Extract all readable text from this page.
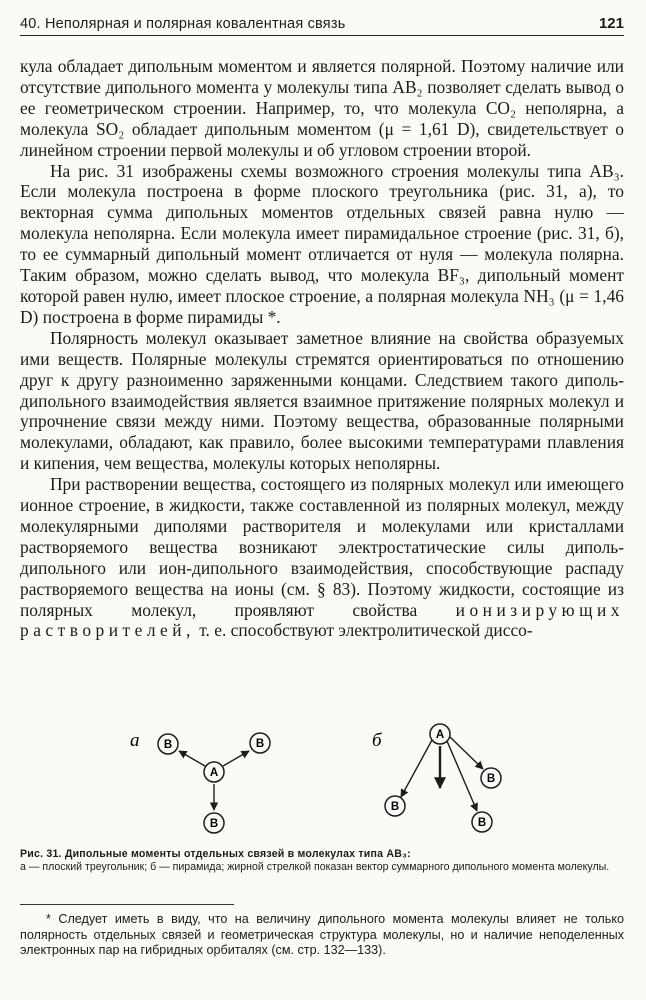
40. Неполярная и полярная ковалентная связь	121

кула обладает дипольным моментом и является полярной. Поэтому наличие или отсутствие дипольного момента у молекулы типа AB₂ позволяет сделать вывод о ее геометрическом строении. Например, то, что молекула CO₂ неполярна, а молекула SO₂ обладает дипольным моментом (μ = 1,61 D), свидетельствует о линейном строении первой молекулы и об угловом строении второй.

На рис. 31 изображены схемы возможного строения молекулы типа AB₃. Если молекула построена в форме плоского треугольника (рис. 31, а), то векторная сумма дипольных моментов отдельных связей равна нулю — молекула неполярна. Если молекула имеет пирамидальное строение (рис. 31, б), то ее суммарный дипольный момент отличается от нуля — молекула полярна. Таким образом, можно сделать вывод, что молекула BF₃, дипольный момент которой равен нулю, имеет плоское строение, а полярная молекула NH₃ (μ = 1,46 D) построена в форме пирамиды *.

Полярность молекул оказывает заметное влияние на свойства образуемых ими веществ. Полярные молекулы стремятся ориентироваться по отношению друг к другу разноименно заряженными концами. Следствием такого диполь-дипольного взаимодействия является взаимное притяжение полярных молекул и упрочнение связи между ними. Поэтому вещества, образованные полярными молекулами, обладают, как правило, более высокими температурами плавления и кипения, чем вещества, молекулы которых неполярны.

При растворении вещества, состоящего из полярных молекул или имеющего ионное строение, в жидкости, также составленной из полярных молекул, между молекулярными диполями растворителя и молекулами или кристаллами растворяемого вещества возникают электростатические силы диполь-дипольного или ион-дипольного взаимодействия, способствующие распаду растворяемого вещества на ионы (см. § 83). Поэтому жидкости, состоящие из полярных молекул, проявляют свойства ионизирующих растворителей, т. е. способствуют электролитической диссо-

а
A
B	B
B
б	A
B
B
B
Рис. 31. Дипольные моменты отдельных связей в молекулах типа AB₃:
а — плоский треугольник; б — пирамида; жирной стрелкой показан вектор суммарного дипольного момента молекулы.

* Следует иметь в виду, что на величину дипольного момента молекулы влияет не только полярность отдельных связей и геометрическая структура молекулы, но и наличие неподеленных электронных пар на гибридных орбиталях (см. стр. 132—133).
